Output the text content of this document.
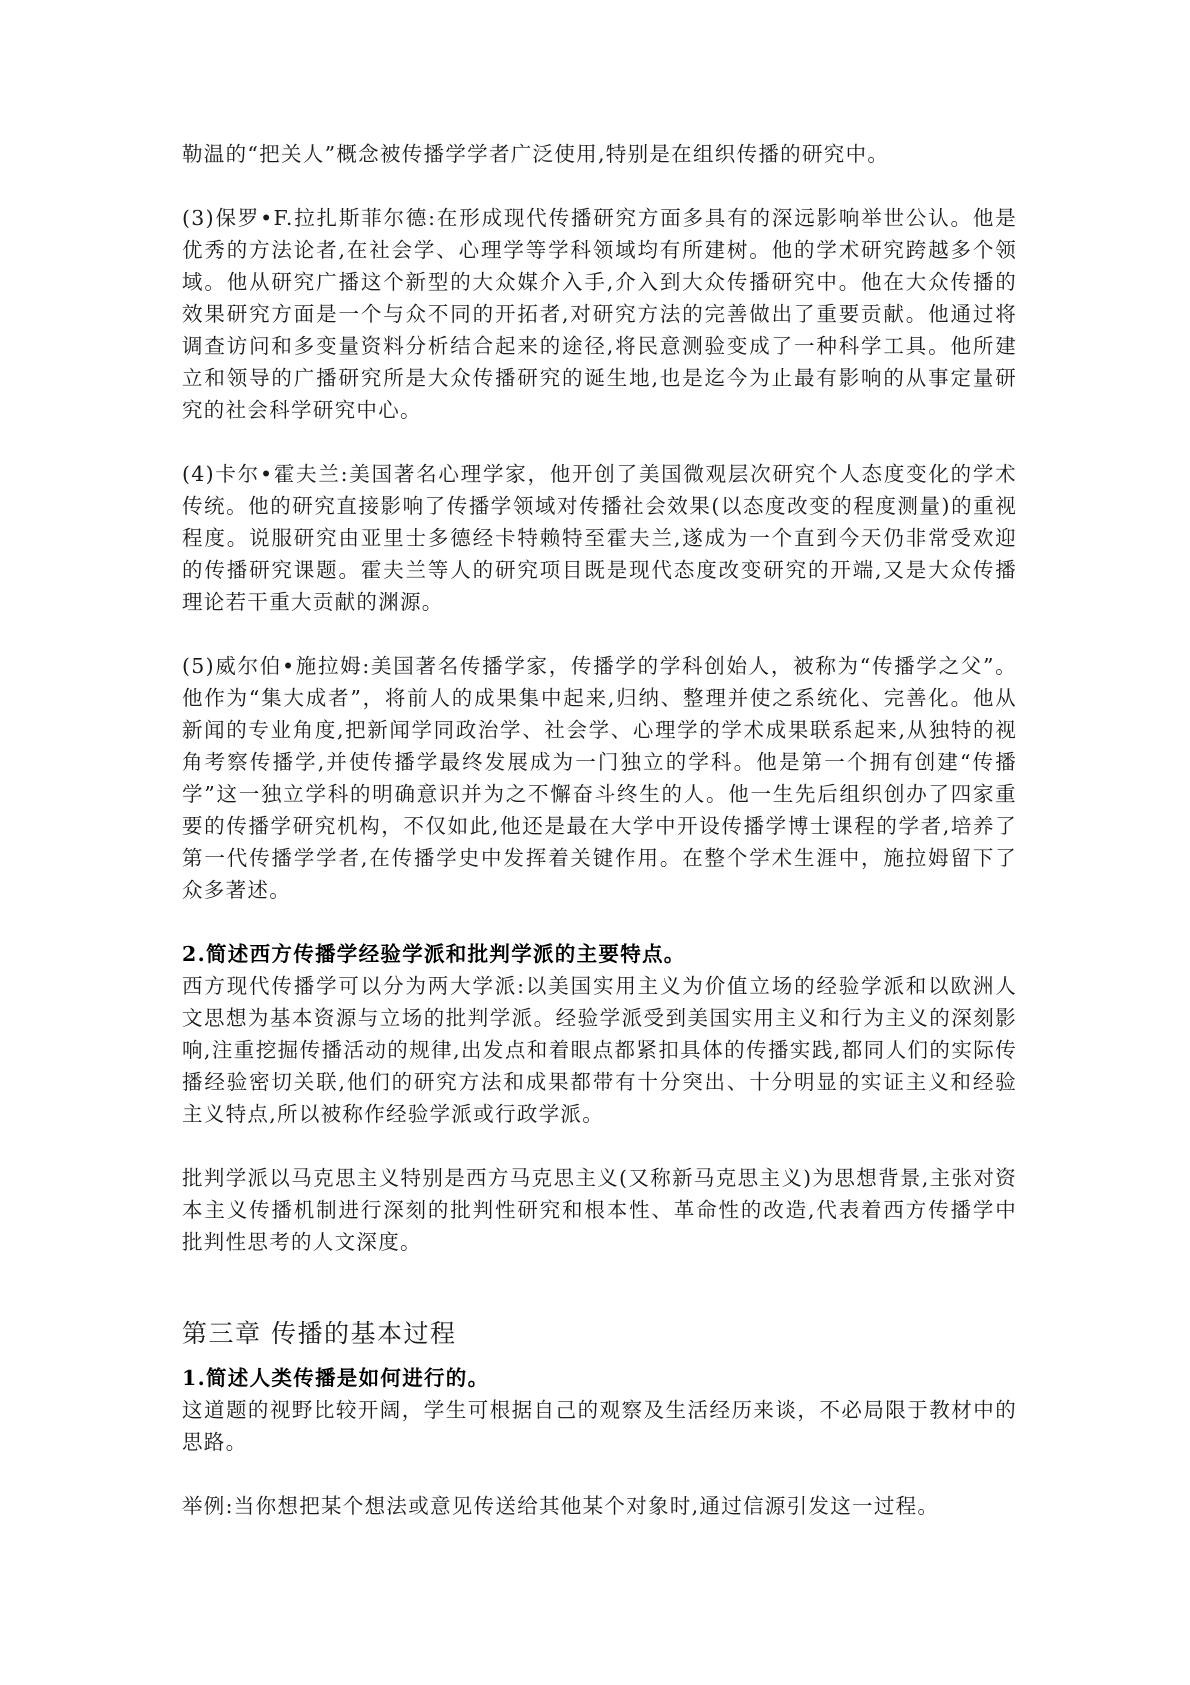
勒温的“把关人”概念被传播学学者广泛使用,特别是在组织传播的研究中。

(3)保罗•F.拉扎斯菲尔德:在形成现代传播研究方面多具有的深远影响举世公认。他是优秀的方法论者,在社会学、心理学等学科领域均有所建树。他的学术研究跨越多个领域。他从研究广播这个新型的大众媒介入手,介入到大众传播研究中。他在大众传播的效果研究方面是一个与众不同的开拓者,对研究方法的完善做出了重要贡献。他通过将调查访问和多变量资料分析结合起来的途径,将民意测验变成了一种科学工具。他所建立和领导的广播研究所是大众传播研究的诞生地,也是迄今为止最有影响的从事定量研究的社会科学研究中心。

(4)卡尔•霍夫兰:美国著名心理学家，他开创了美国微观层次研究个人态度变化的学术传统。他的研究直接影响了传播学领域对传播社会效果(以态度改变的程度测量)的重视程度。说服研究由亚里士多德经卡特赖特至霍夫兰,遂成为一个直到今天仍非常受欢迎的传播研究课题。霍夫兰等人的研究项目既是现代态度改变研究的开端,又是大众传播理论若干重大贡献的渊源。

(5)威尔伯•施拉姆:美国著名传播学家，传播学的学科创始人，被称为“传播学之父”。他作为“集大成者”，将前人的成果集中起来,归纳、整理并使之系统化、完善化。他从新闻的专业角度,把新闻学同政治学、社会学、心理学的学术成果联系起来,从独特的视角考察传播学,并使传播学最终发展成为一门独立的学科。他是第一个拥有创建“传播学”这一独立学科的明确意识并为之不懈奋斗终生的人。他一生先后组织创办了四家重要的传播学研究机构，不仅如此,他还是最在大学中开设传播学博士课程的学者,培养了第一代传播学学者,在传播学史中发挥着关键作用。在整个学术生涯中，施拉姆留下了众多著述。

2.简述西方传播学经验学派和批判学派的主要特点。

西方现代传播学可以分为两大学派:以美国实用主义为价值立场的经验学派和以欧洲人文思想为基本资源与立场的批判学派。经验学派受到美国实用主义和行为主义的深刻影响,注重挖掘传播活动的规律,出发点和着眼点都紧扣具体的传播实践,都同人们的实际传播经验密切关联,他们的研究方法和成果都带有十分突出、十分明显的实证主义和经验主义特点,所以被称作经验学派或行政学派。

批判学派以马克思主义特别是西方马克思主义(又称新马克思主义)为思想背景,主张对资本主义传播机制进行深刻的批判性研究和根本性、革命性的改造,代表着西方传播学中批判性思考的人文深度。

第三章 传播的基本过程

1.简述人类传播是如何进行的。

这道题的视野比较开阔，学生可根据自己的观察及生活经历来谈，不必局限于教材中的思路。

举例:当你想把某个想法或意见传送给其他某个对象时,通过信源引发这一过程。
